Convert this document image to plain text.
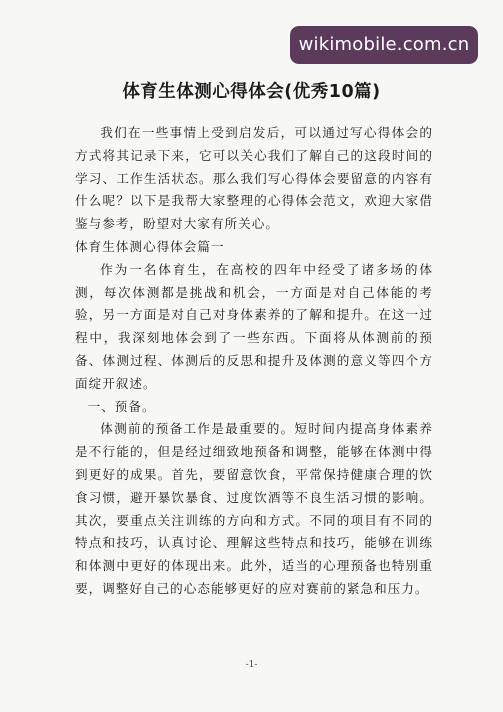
wikimobile.com.cn
体育生体测心得体会(优秀10篇)

我们在一些事情上受到启发后，可以通过写心得体会的方式将其记录下来，它可以关心我们了解自己的这段时间的学习、工作生活状态。那么我们写心得体会要留意的内容有什么呢？以下是我帮大家整理的心得体会范文，欢迎大家借鉴与参考，盼望对大家有所关心。

体育生体测心得体会篇一

作为一名体育生，在高校的四年中经受了诸多场的体测，每次体测都是挑战和机会，一方面是对自己体能的考验，另一方面是对自己对身体素养的了解和提升。在这一过程中，我深刻地体会到了一些东西。下面将从体测前的预备、体测过程、体测后的反思和提升及体测的意义等四个方面绽开叙述。

一、预备。

体测前的预备工作是最重要的。短时间内提高身体素养是不行能的，但是经过细致地预备和调整，能够在体测中得到更好的成果。首先，要留意饮食，平常保持健康合理的饮食习惯，避开暴饮暴食、过度饮酒等不良生活习惯的影响。其次，要重点关注训练的方向和方式。不同的项目有不同的特点和技巧，认真讨论、理解这些特点和技巧，能够在训练和体测中更好的体现出来。此外，适当的心理预备也特别重要，调整好自己的心态能够更好的应对赛前的紧急和压力。

-1-
